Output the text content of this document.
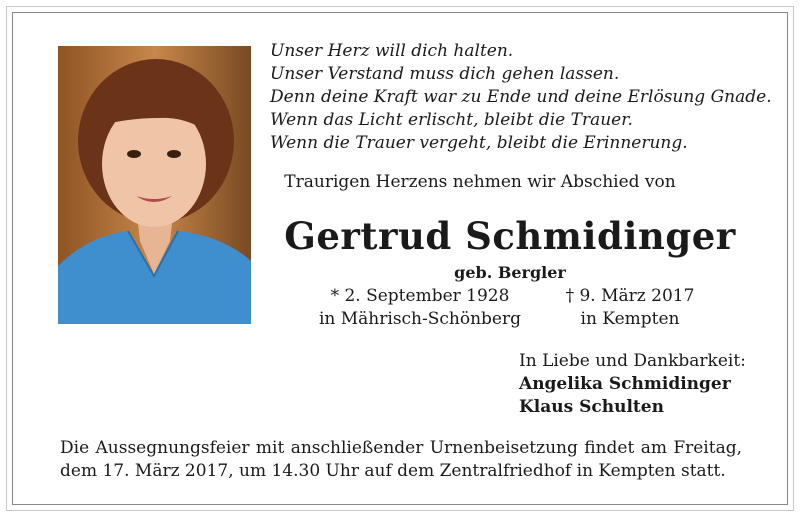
Unser Herz will dich halten.
Unser Verstand muss dich gehen lassen.
Denn deine Kraft war zu Ende und deine Erlösung Gnade.
Wenn das Licht erlischt, bleibt die Trauer.
Wenn die Trauer vergeht, bleibt die Erinnerung.
Traurigen Herzens nehmen wir Abschied von
Gertrud Schmidinger
geb. Bergler
* 2. September 1928
in Mährisch-Schönberg
† 9. März 2017
in Kempten
In Liebe und Dankbarkeit:
Angelika Schmidinger
Klaus Schulten
Die Aussegnungsfeier mit anschließender Urnenbeisetzung findet am Freitag, dem 17. März 2017, um 14.30 Uhr auf dem Zentralfriedhof in Kempten statt.
